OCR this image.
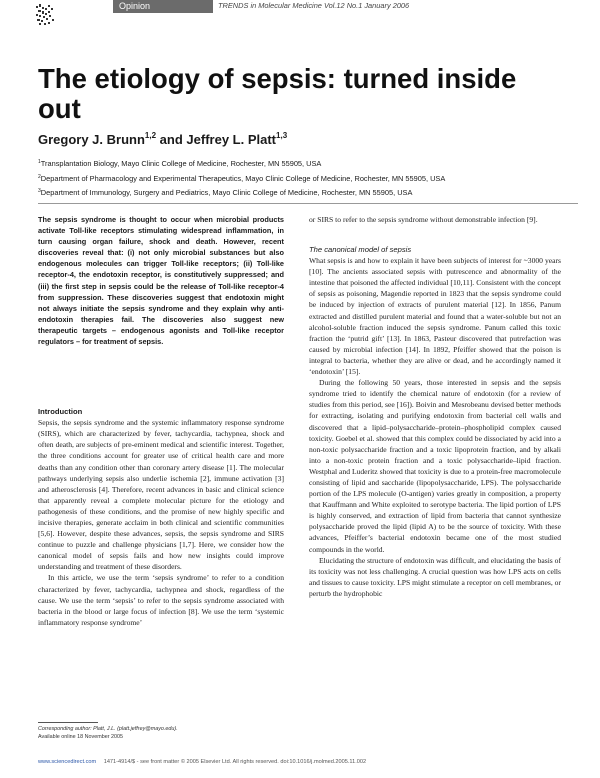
Opinion	TRENDS in Molecular Medicine Vol.12 No.1 January 2006
The etiology of sepsis: turned inside out
Gregory J. Brunn$^{1,2}$ and Jeffrey L. Platt$^{1,3}$
$^1$Transplantation Biology, Mayo Clinic College of Medicine, Rochester, MN 55905, USA
$^2$Department of Pharmacology and Experimental Therapeutics, Mayo Clinic College of Medicine, Rochester, MN 55905, USA
$^3$Department of Immunology, Surgery and Pediatrics, Mayo Clinic College of Medicine, Rochester, MN 55905, USA

The sepsis syndrome is thought to occur when microbial products activate Toll-like receptors stimulating widespread inflammation, in turn causing organ failure, shock and death. However, recent discoveries reveal that: (i) not only microbial substances but also endogenous molecules can trigger Toll-like receptors; (ii) Toll-like receptor-4, the endotoxin receptor, is constitutively suppressed; and (iii) the first step in sepsis could be the release of Toll-like receptor-4 from suppression. These discoveries suggest that endotoxin might not always initiate the sepsis syndrome and they explain why anti-endotoxin therapies fail. The discoveries also suggest new therapeutic targets – endogenous agonists and Toll-like receptor regulators – for treatment of sepsis.

Introduction

Sepsis, the sepsis syndrome and the systemic inflammatory response syndrome (SIRS), which are characterized by fever, tachycardia, tachypnea, shock and often death, are subjects of pre-eminent medical and scientific interest. Together, the three conditions account for greater use of critical health care and more deaths than any condition other than coronary artery disease [1]. The molecular pathways underlying sepsis also underlie ischemia [2], immune activation [3] and atherosclerosis [4]. Therefore, recent advances in basic and clinical science that apparently reveal a complete molecular picture for the etiology and pathogenesis of these conditions, and the promise of new highly specific and incisive therapies, generate acclaim in both clinical and scientific communities [5,6]. However, despite these advances, sepsis, the sepsis syndrome and SIRS continue to puzzle and challenge physicians [1,7]. Here, we consider how the canonical model of sepsis fails and how new insights could improve understanding and treatment of these disorders.

In this article, we use the term ‘sepsis syndrome’ to refer to a condition characterized by fever, tachycardia, tachypnea and shock, regardless of the cause. We use the term ‘sepsis’ to refer to the sepsis syndrome associated with bacteria in the blood or large focus of infection [8]. We use the term ‘systemic inflammatory response syndrome’

or SIRS to refer to the sepsis syndrome without demonstrable infection [9].

The canonical model of sepsis

What sepsis is and how to explain it have been subjects of interest for ~3000 years [10]. The ancients associated sepsis with putrescence and abnormality of the intestine that poisoned the affected individual [10,11]. Consistent with the concept of sepsis as poisoning, Magendie reported in 1823 that the sepsis syndrome could be induced by injection of extracts of purulent material [12]. In 1856, Panum extracted and distilled purulent material and found that a water-soluble but not an alcohol-soluble fraction induced the sepsis syndrome. Panum called this toxic fraction the ‘putrid gift’ [13]. In 1863, Pasteur discovered that putrefaction was caused by microbial infection [14]. In 1892, Pfeiffer showed that the poison is integral to bacteria, whether they are alive or dead, and he accordingly named it ‘endotoxin’ [15].

During the following 50 years, those interested in sepsis and the sepsis syndrome tried to identify the chemical nature of endotoxin (for a review of studies from this period, see [16]). Boivin and Mesrobeanu devised better methods for extracting, isolating and purifying endotoxin from bacterial cell walls and discovered that a lipid–polysaccharide–protein–phospholipid complex caused toxicity. Goebel et al. showed that this complex could be dissociated by acid into a non-toxic polysaccharide fraction and a toxic lipoprotein fraction, and by alkali into a non-toxic protein fraction and a toxic polysaccharide–lipid fraction. Westphal and Luderitz showed that toxicity is due to a protein-free macromolecule consisting of lipid and saccharide (lipopolysaccharide, LPS). The polysaccharide portion of the LPS molecule (O-antigen) varies greatly in composition, a property that Kauffmann and White exploited to serotype bacteria. The lipid portion of LPS is highly conserved, and extraction of lipid from bacteria that cannot synthesize polysaccharide proved the lipid (lipid A) to be the source of toxicity. With these advances, Pfeiffer’s bacterial endotoxin became one of the most studied compounds in the world.

Elucidating the structure of endotoxin was difficult, and elucidating the basis of its toxicity was not less challenging. A crucial question was how LPS acts on cells and tissues to cause toxicity. LPS might stimulate a receptor on cell membranes, or perturb the hydrophobic

Corresponding author: Platt, J.L. (platt.jeffrey@mayo.edu).
Available online 18 November 2005
www.sciencedirect.com 1471-4914/$ - see front matter © 2005 Elsevier Ltd. All rights reserved. doi:10.1016/j.molmed.2005.11.002
